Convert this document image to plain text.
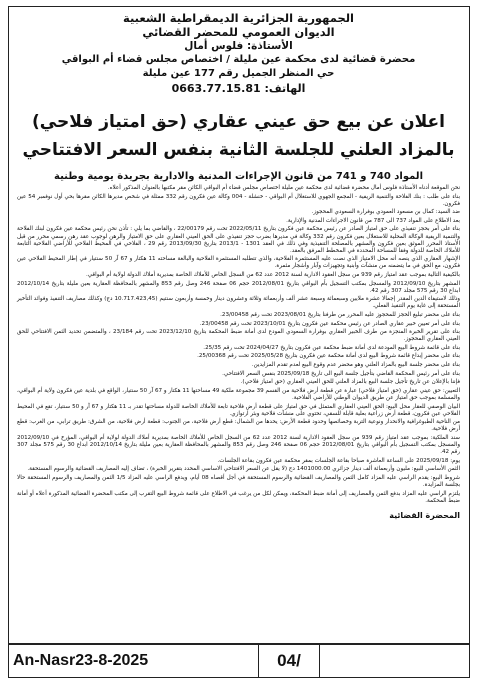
الجمهورية الجزائرية الديمقراطية الشعبية
الديوان العمومي للمحضر القضائي
الأستاذة: فلوس أمال
محضرة قضائية لدى محكمة عين مليلة / اختصاص مجلس قضاء أم البواقي
حي المنظر الجميل رقم 177 عين مليلة
الهاتف: 0663.77.15.81
اعلان عن بيع حق عيني عقاري (حق امتياز فلاحي) بالمزاد العلني للجلسة الثانية بنفس السعر الافتتاحي
المواد 740 و 741 من قانون الإجراءات المدنية والادارية بجريدة يومية وطنية

نحن الموقعة أدناه الأستاذة فلوس أمال محضرة قضائية لدى محكمة عين مليلة اختصاص مجلس قضاء أم البواقي الكائن مقر مكتبها بالعنوان المذكور أعلاه.

بناء على طلب : بنك الفلاحة والتنمية الريفية - المجمع الجهوي للاستغلال أم البواقي - خنشلة - 004 وكالة عين فكرون رقم 332 ممثلة في شخص مديرها الكائن مقرها بحي أول نوفمبر 54 عين فكرون.

ضد السيد: كمال بن مسعود العمودي بوفرارة السعودي المحجوز.

بعد الاطلاع على المواد 737 الى 787 من قانون الاجراءات المدنية والإدارية.

بناء على أمر بحجز تنفيذي على حق امتياز الصادر عن رئيس محكمة عين فكرون بتاريخ 2022/05/11 تحت رقم 22/00179 ، والقاضي بما يلي : تأذن نحن رئيس محكمة عين فكرون لبنك الفلاحة والتنمية الريفية الوكالة المحلية للاستغلال بعين فكرون رقم 332 وكالة في مديرها بضرب حجز تنفيذي على الحق العيني العقاري على حق الامتياز والرهن لوجوب عقد رهن رسمي محرر من قبل الأستاذ المحرر الموثق بعين فكرون والمشهر بالمصلحة التنفيذية وفي ذلك في العقد 1301 - 2013/1 بتاريخ 2013/09/30 رقم 29 ، الفلاحي في المحيط الفلاحي للأراضي الفلاحية التابعة للأملاك الخاصة للدولة وفقا للمساحة المحددة في المخطط المرفق بالعقد.

الإشهار العقاري الذي ينصه أنه محل الامتياز الذي نصت عليه المستثمرة الفلاحية، والذي تتطلبه المستثمرة الفلاحية والبالغة مساحته 11 هكتار و 67 آر 50 سنتيار في إطار المحيط الفلاحي عين فكرون، مع الحق في ما يتضمنه من منشآت وأبنية وتجهيزات وآبار وأشجار مثمرة.

بالكيفية التالية بموجب عقد امتياز رقم 939 من سجل العقود الادارية لسنة 2012 عدد 62 من السجل الخاص للأملاك الخاصة بمديرية أملاك الدولة لولاية أم البواقي.

المشهر بتاريخ 2012/09/10 والمسجل بمكتب التسجيل بأم البواقي بتاريخ 2012/08/01 حجم 06 صفحة 246 وصل رقم 853 والمشهر بالمحافظة العقارية بعين مليلة بتاريخ 2012/10/14 ابداع 30 رقم 575 مجلد 307 رقم 42.

وذلك لاستيفاء الدين المقدر إجمالا عشرة ملايين وسبعمائة وسبعة عشر ألف وأربعمائة وثلاثة وعشرون دينار وخمسة وأربعون سنتيم (10.717.423,45 دج) وكذلك مصاريف التنفيذ وفوائد التأخير المستحقة إلى غاية يوم التنفيذ الفعلي.

بناء على محضر تبليغ الحجز للمحجوز عليه المحرر من طرفنا بتاريخ 2023/08/01 تحت رقم 23/00458.

بناء على أمر تعيين خبير عقاري الصادر عن رئيس محكمة عين فكرون بتاريخ 2023/10/01 تحت رقم 23/00458.

بناء على تقرير الخبرة المنجزة من طرف الخبير العقاري بوفرارة السعودي المودع لدى أمانة ضبط المحكمة بتاريخ 2023/12/10 تحت رقم 23/184 ، والمتضمن تحديد الثمن الافتتاحي للحق العيني العقاري المحجوز.

بناء على قائمة شروط البيع المودعة لدى أمانة ضبط محكمة عين فكرون بتاريخ 2024/04/27 تحت رقم 25/35.

بناء على محضر إبداع قائمة شروط البيع لدى أمانة محكمة عين فكرون بتاريخ 2025/05/28 تحت رقم 25/00368.

بناء على محضر جلسة البيع بالمزاد العلني وهو محضر عدم وقوع البيع لعدم تقدم المزايدين.

بناء على أمر رئيس المحكمة القاضي بتأجيل جلسة البيع الى تاريخ 2025/09/18 بنفس السعر الافتتاحي.

فإننا بالإعلان عن تاريخ تأجيل جلسة البيع بالمزاد العلني للحق العيني العقاري (حق امتياز فلاحي).

التعيين: حق عيني عقاري (حق امتياز فلاحي) عبارة عن قطعة أرض فلاحية من القسم 39 مجموعة ملكية 49 مساحتها 11 هكتار و 67 آر 50 سنتيار، الواقع في بلدية عين فكرون ولاية أم البواقي، والمسلمة بموجب حق امتياز عن طريق الديوان الوطني للأراضي الفلاحية.

البيان الوصفي للعقار محل البيع: الحق العيني العقاري المتمثل في حق امتياز على قطعة أرض فلاحية تابعة للأملاك الخاصة للدولة مساحتها تقدر بـ 11 هكتار و 67 آر و 50 سنتيار، تقع في المحيط الفلاحي عين فكرون، قطعة أرض زراعية بعلية قابلة للسقي، تحتوي على منشآت فلاحية وبئر ارتوازي.

من الناحية الطبوغرافية والانحدار ونوعية التربة وخصائصها وحدود قطعة الأرض: يحدها من الشمال: قطع أرض فلاحية، من الجنوب: قطعة أرض فلاحية، من الشرق: طريق ترابي، من الغرب: قطع أرض فلاحية.

سند الملكية: بموجب عقد امتياز رقم 939 من سجل العقود الادارية لسنة 2012 عدد 62 من السجل الخاص للأملاك الخاصة بمديرية أملاك الدولة لولاية أم البواقي، المؤرخ في 2012/09/10 والمسجل بمكتب التسجيل بأم البواقي بتاريخ 2012/08/01 حجم 06 صفحة 246 وصل رقم 853 والمشهر بالمحافظة العقارية بعين مليلة بتاريخ 2012/10/14 ابداع 30 رقم 575 مجلد 307 رقم 42.

يوم: 2025/09/18 على الساعة العاشرة صباحا بقاعة الجلسات بمقر محكمة عين فكرون بقاعة الجلسات.

الثمن الأساسي للبيع: مليون وأربعمائة ألف دينار جزائري 1401000.00 دج (لا يقل عن السعر الافتتاحي الاساسي المحدد بتقرير الخبرة) ، تضاف إليه المصاريف القضائية والرسوم المستحقة.

شروط البيع: يقدم الراسي عليه المزاد كامل الثمن والمصاريف القضائية والرسوم المستحقة في أجل أقصاه 08 أيام، ويدفع الراسي عليه المزاد 1/5 الثمن والمصاريف والرسوم المستحقة حالا بجلسة المزايدة.

يلتزم الراسي عليه المزاد بدفع الثمن والمصاريف إلى أمانة ضبط المحكمة، ويمكن لكل من يرغب في الاطلاع على قائمة شروط البيع التقرب إلى مكتب المحضرة القضائية المذكورة أعلاه أو أمانة ضبط المحكمة.

المحضرة القضائية
An-Nasr23-8-2025	04/
